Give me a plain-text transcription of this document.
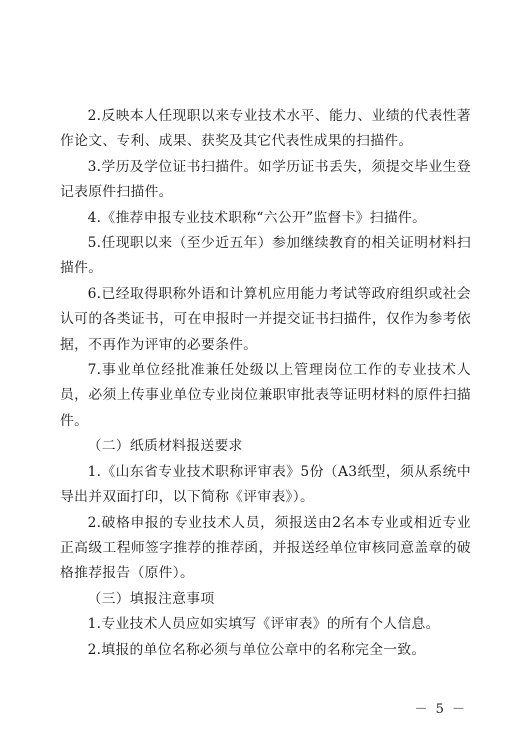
2.反映本人任现职以来专业技术水平、能力、业绩的代表性著作论文、专利、成果、获奖及其它代表性成果的扫描件。

3.学历及学位证书扫描件。如学历证书丢失，须提交毕业生登记表原件扫描件。

4.《推荐申报专业技术职称“六公开”监督卡》扫描件。

5.任现职以来（至少近五年）参加继续教育的相关证明材料扫描件。

6.已经取得职称外语和计算机应用能力考试等政府组织或社会认可的各类证书，可在申报时一并提交证书扫描件，仅作为参考依据，不再作为评审的必要条件。

7.事业单位经批准兼任处级以上管理岗位工作的专业技术人员，必须上传事业单位专业岗位兼职审批表等证明材料的原件扫描件。

（二）纸质材料报送要求

1.《山东省专业技术职称评审表》5份（A3纸型，须从系统中导出并双面打印，以下简称《评审表》）。

2.破格申报的专业技术人员，须报送由2名本专业或相近专业正高级工程师签字推荐的推荐函，并报送经单位审核同意盖章的破格推荐报告（原件）。

（三）填报注意事项

1.专业技术人员应如实填写《评审表》的所有个人信息。

2.填报的单位名称必须与单位公章中的名称完全一致。

－ 5 －
